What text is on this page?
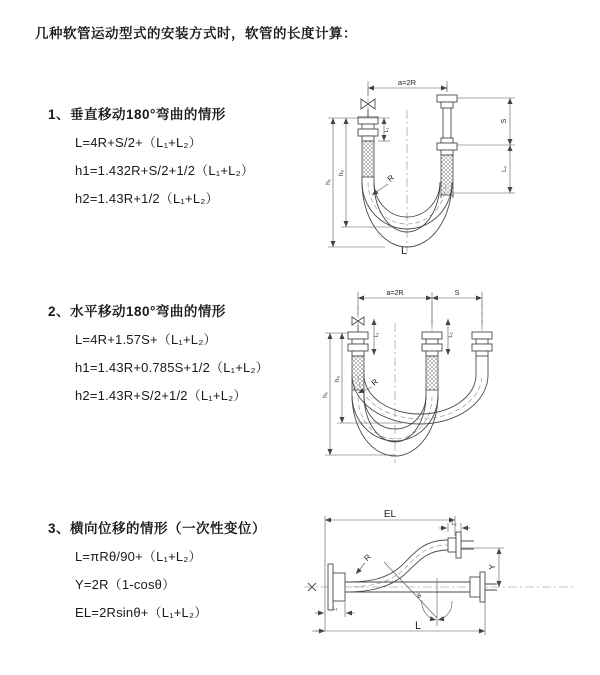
几种软管运动型式的安装方式时，软管的长度计算：

1、垂直移动180°弯曲的情形

L=4R+S/2+（L₁+L₂）

h1=1.432R+S/2+1/2（L₁+L₂）

h2=1.43R+1/2（L₁+L₂）

2、水平移动180°弯曲的情形

L=4R+1.57S+（L₁+L₂）

h1=1.43R+0.785S+1/2（L₁+L₂）

h2=1.43R+S/2+1/2（L₁+L₂）

3、横向位移的情形（一次性变位）

L=πRθ/90+（L₁+L₂）

Y=2R（1-cosθ）

EL=2Rsinθ+（L₁+L₂）

a=2R
h₁
h₂
L₁
S
L₂
R
L
a=2R	S
h₁
h₂
L₁	L₂
R
EL
L₂
Y
θ
R
L₁
L
